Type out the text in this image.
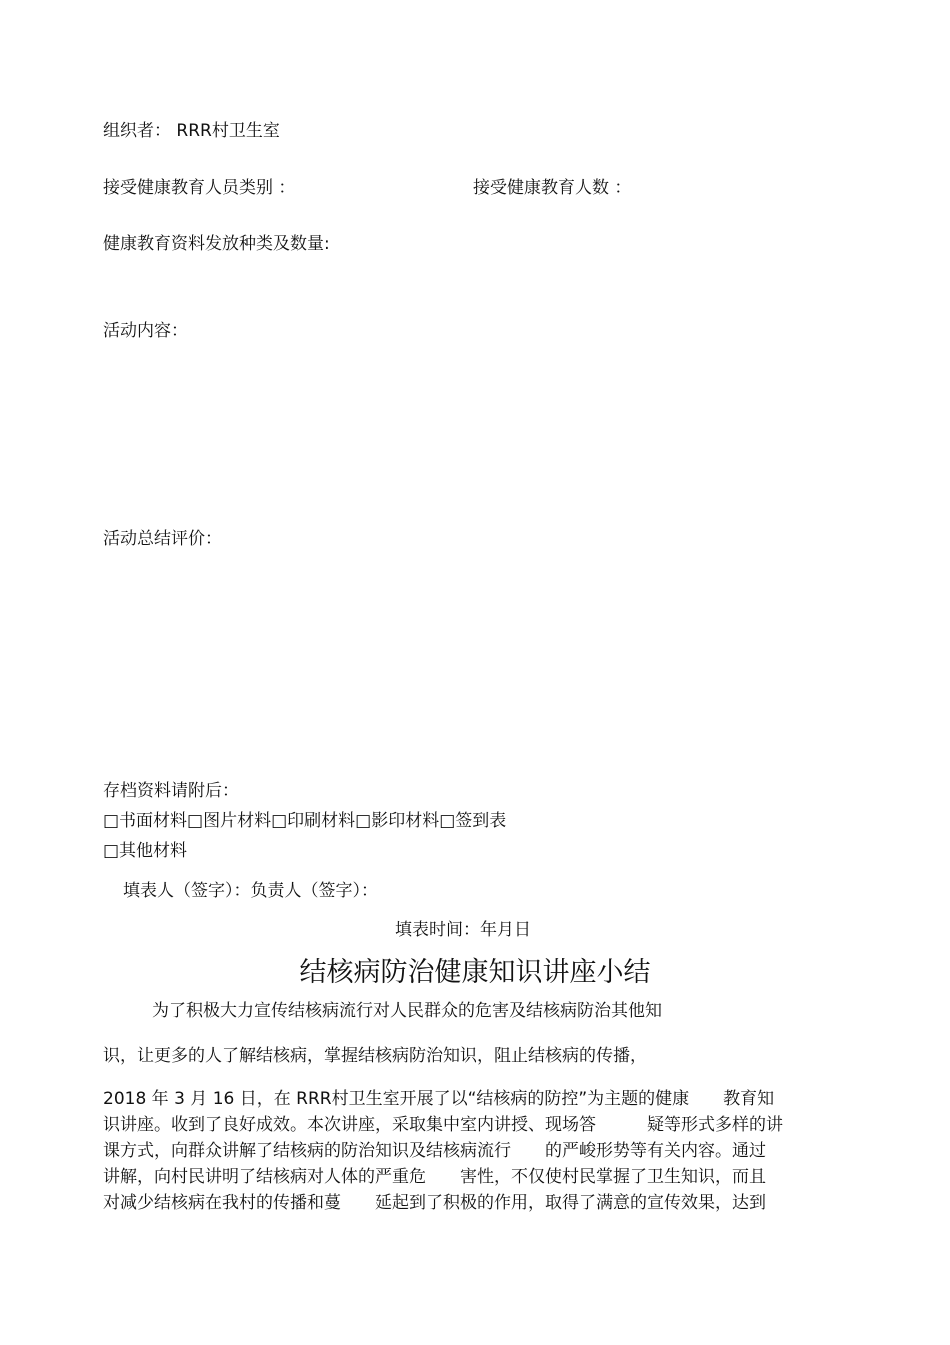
组织者： RRR村卫生室
接受健康教育人员类别 ：	接受健康教育人数 ：
健康教育资料发放种类及数量:
活动内容：
活动总结评价：
存档资料请附后：
□书面材料□图片材料□印刷材料□影印材料□签到表
□其他材料
填表人（签字）：负责人（签字）：
填表时间：年月日
结核病防治健康知识讲座小结
为了积极大力宣传结核病流行对人民群众的危害及结核病防治其他知
识，让更多的人了解结核病，掌握结核病防治知识，阻止结核病的传播，
2018 年 3 月 16 日，在 RRR村卫生室开展了以“结核病的防控”为主题的健康　　教育知
识讲座。收到了良好成效。本次讲座，采取集中室内讲授、现场答　　　疑等形式多样的讲
课方式，向群众讲解了结核病的防治知识及结核病流行　　的严峻形势等有关内容。通过
讲解，向村民讲明了结核病对人体的严重危　　害性，不仅使村民掌握了卫生知识，而且
对减少结核病在我村的传播和蔓　　延起到了积极的作用，取得了满意的宣传效果，达到
